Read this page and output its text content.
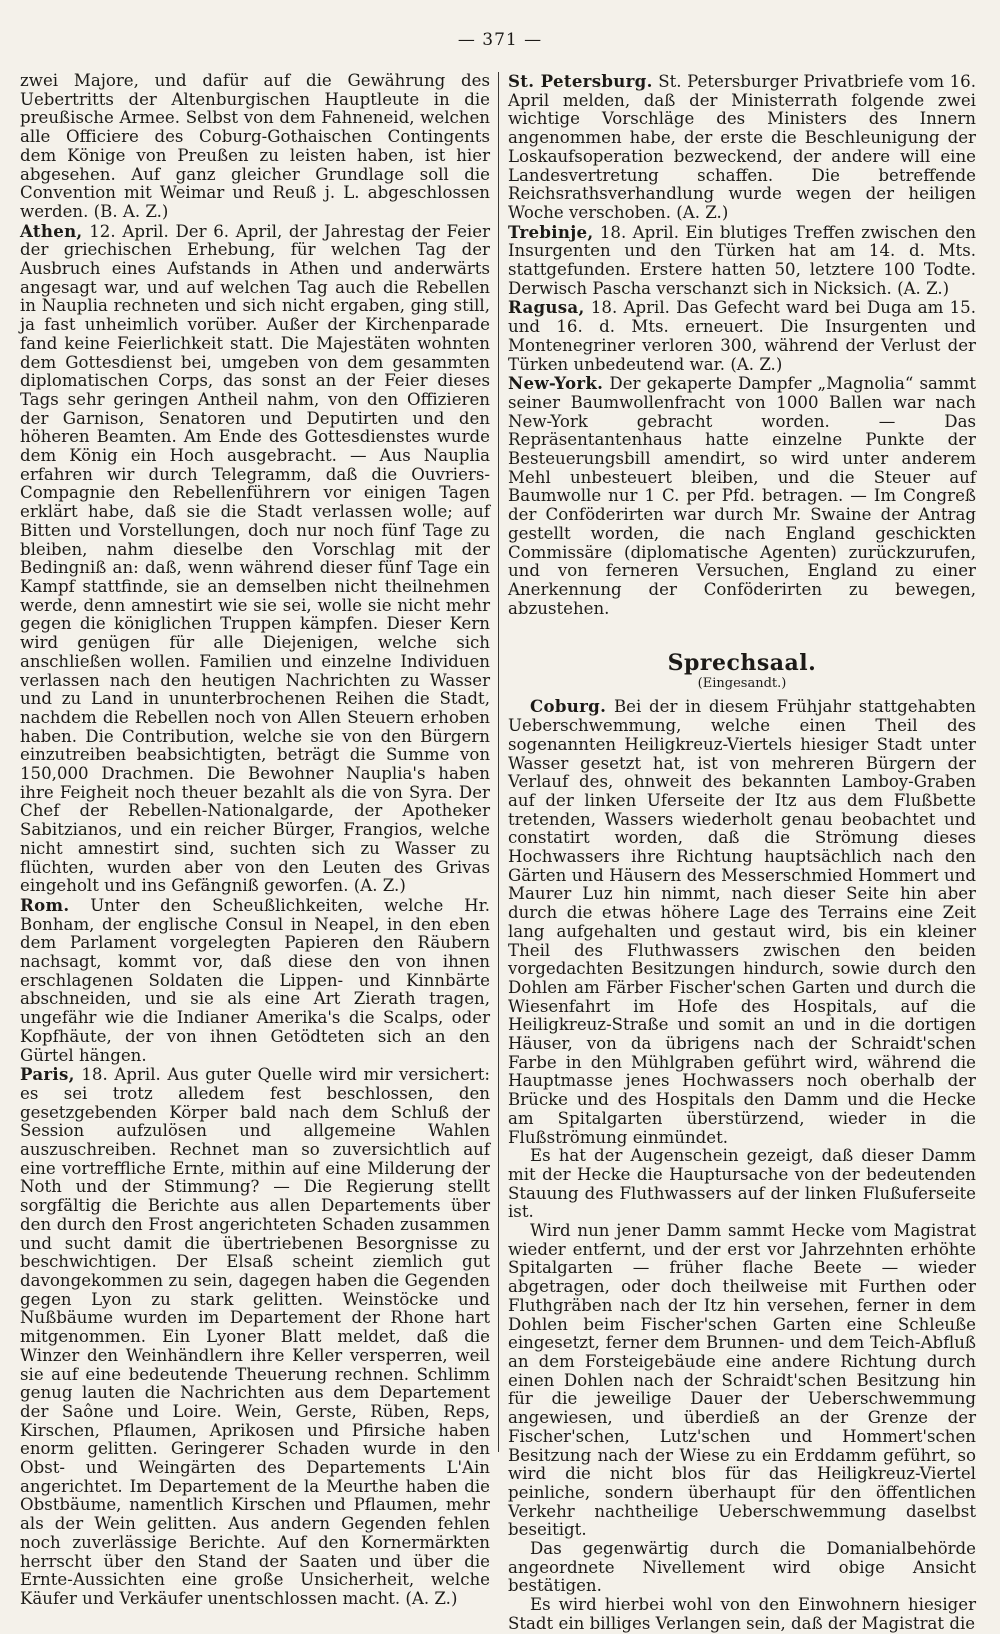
— 371 —

zwei Majore, und dafür auf die Gewährung des Uebertritts der Altenburgischen Hauptleute in die preußische Armee. Selbst von dem Fahneneid, welchen alle Officiere des Coburg-Gothaischen Contingents dem Könige von Preußen zu leisten haben, ist hier abgesehen. Auf ganz gleicher Grundlage soll die Convention mit Weimar und Reuß j. L. abgeschlossen werden. (B. A. Z.)

Athen, 12. April. Der 6. April, der Jahrestag der Feier der griechischen Erhebung, für welchen Tag der Ausbruch eines Aufstands in Athen und anderwärts angesagt war, und auf welchen Tag auch die Rebellen in Nauplia rechneten und sich nicht ergaben, ging still, ja fast unheimlich vorüber. Außer der Kirchenparade fand keine Feierlichkeit statt. Die Majestäten wohnten dem Gottesdienst bei, umgeben von dem gesammten diplomatischen Corps, das sonst an der Feier dieses Tags sehr geringen Antheil nahm, von den Offizieren der Garnison, Senatoren und Deputirten und den höheren Beamten. Am Ende des Gottesdienstes wurde dem König ein Hoch ausgebracht. — Aus Nauplia erfahren wir durch Telegramm, daß die Ouvriers-Compagnie den Rebellenführern vor einigen Tagen erklärt habe, daß sie die Stadt verlassen wolle; auf Bitten und Vorstellungen, doch nur noch fünf Tage zu bleiben, nahm dieselbe den Vorschlag mit der Bedingniß an: daß, wenn während dieser fünf Tage ein Kampf stattfinde, sie an demselben nicht theilnehmen werde, denn amnestirt wie sie sei, wolle sie nicht mehr gegen die königlichen Truppen kämpfen. Dieser Kern wird genügen für alle Diejenigen, welche sich anschließen wollen. Familien und einzelne Individuen verlassen nach den heutigen Nachrichten zu Wasser und zu Land in ununterbrochenen Reihen die Stadt, nachdem die Rebellen noch von Allen Steuern erhoben haben. Die Contribution, welche sie von den Bürgern einzutreiben beabsichtigten, beträgt die Summe von 150,000 Drachmen. Die Bewohner Nauplia's haben ihre Feigheit noch theuer bezahlt als die von Syra. Der Chef der Rebellen-Nationalgarde, der Apotheker Sabitzianos, und ein reicher Bürger, Frangios, welche nicht amnestirt sind, suchten sich zu Wasser zu flüchten, wurden aber von den Leuten des Grivas eingeholt und ins Gefängniß geworfen. (A. Z.)

Rom. Unter den Scheußlichkeiten, welche Hr. Bonham, der englische Consul in Neapel, in den eben dem Parlament vorgelegten Papieren den Räubern nachsagt, kommt vor, daß diese den von ihnen erschlagenen Soldaten die Lippen- und Kinnbärte abschneiden, und sie als eine Art Zierath tragen, ungefähr wie die Indianer Amerika's die Scalps, oder Kopfhäute, der von ihnen Getödteten sich an den Gürtel hängen.

Paris, 18. April. Aus guter Quelle wird mir versichert: es sei trotz alledem fest beschlossen, den gesetzgebenden Körper bald nach dem Schluß der Session aufzulösen und allgemeine Wahlen auszuschreiben. Rechnet man so zuversichtlich auf eine vortreffliche Ernte, mithin auf eine Milderung der Noth und der Stimmung? — Die Regierung stellt sorgfältig die Berichte aus allen Departements über den durch den Frost angerichteten Schaden zusammen und sucht damit die übertriebenen Besorgnisse zu beschwichtigen. Der Elsaß scheint ziemlich gut davongekommen zu sein, dagegen haben die Gegenden gegen Lyon zu stark gelitten. Weinstöcke und Nußbäume wurden im Departement der Rhone hart mitgenommen. Ein Lyoner Blatt meldet, daß die Winzer den Weinhändlern ihre Keller versperren, weil sie auf eine bedeutende Theuerung rechnen. Schlimm genug lauten die Nachrichten aus dem Departement der Saône und Loire. Wein, Gerste, Rüben, Reps, Kirschen, Pflaumen, Aprikosen und Pfirsiche haben enorm gelitten. Geringerer Schaden wurde in den Obst- und Weingärten des Departements L'Ain angerichtet. Im Departement de la Meurthe haben die Obstbäume, namentlich Kirschen und Pflaumen, mehr als der Wein gelitten. Aus andern Gegenden fehlen noch zuverlässige Berichte. Auf den Kornermärkten herrscht über den Stand der Saaten und über die Ernte-Aussichten eine große Unsicherheit, welche Käufer und Verkäufer unentschlossen macht. (A. Z.)

St. Petersburg. St. Petersburger Privatbriefe vom 16. April melden, daß der Ministerrath folgende zwei wichtige Vorschläge des Ministers des Innern angenommen habe, der erste die Beschleunigung der Loskaufsoperation bezweckend, der andere will eine Landesvertretung schaffen. Die betreffende Reichsrathsverhandlung wurde wegen der heiligen Woche verschoben. (A. Z.)

Trebinje, 18. April. Ein blutiges Treffen zwischen den Insurgenten und den Türken hat am 14. d. Mts. stattgefunden. Erstere hatten 50, letztere 100 Todte. Derwisch Pascha verschanzt sich in Nicksich. (A. Z.)

Ragusa, 18. April. Das Gefecht ward bei Duga am 15. und 16. d. Mts. erneuert. Die Insurgenten und Montenegriner verloren 300, während der Verlust der Türken unbedeutend war. (A. Z.)

New-York. Der gekaperte Dampfer „Magnolia“ sammt seiner Baumwollenfracht von 1000 Ballen war nach New-York gebracht worden. — Das Repräsentantenhaus hatte einzelne Punkte der Besteuerungsbill amendirt, so wird unter anderem Mehl unbesteuert bleiben, und die Steuer auf Baumwolle nur 1 C. per Pfd. betragen. — Im Congreß der Conföderirten war durch Mr. Swaine der Antrag gestellt worden, die nach England geschickten Commissäre (diplomatische Agenten) zurückzurufen, und von ferneren Versuchen, England zu einer Anerkennung der Conföderirten zu bewegen, abzustehen.

Sprechsaal.
(Eingesandt.)

Coburg. Bei der in diesem Frühjahr stattgehabten Ueberschwemmung, welche einen Theil des sogenannten Heiligkreuz-Viertels hiesiger Stadt unter Wasser gesetzt hat, ist von mehreren Bürgern der Verlauf des, ohnweit des bekannten Lamboy-Graben auf der linken Uferseite der Itz aus dem Flußbette tretenden, Wassers wiederholt genau beobachtet und constatirt worden, daß die Strömung dieses Hochwassers ihre Richtung hauptsächlich nach den Gärten und Häusern des Messerschmied Hommert und Maurer Luz hin nimmt, nach dieser Seite hin aber durch die etwas höhere Lage des Terrains eine Zeit lang aufgehalten und gestaut wird, bis ein kleiner Theil des Fluthwassers zwischen den beiden vorgedachten Besitzungen hindurch, sowie durch den Dohlen am Färber Fischer'schen Garten und durch die Wiesenfahrt im Hofe des Hospitals, auf die Heiligkreuz-Straße und somit an und in die dortigen Häuser, von da übrigens nach der Schraidt'schen Farbe in den Mühlgraben geführt wird, während die Hauptmasse jenes Hochwassers noch oberhalb der Brücke und des Hospitals den Damm und die Hecke am Spitalgarten überstürzend, wieder in die Flußströmung einmündet.

Es hat der Augenschein gezeigt, daß dieser Damm mit der Hecke die Hauptursache von der bedeutenden Stauung des Fluthwassers auf der linken Flußuferseite ist.

Wird nun jener Damm sammt Hecke vom Magistrat wieder entfernt, und der erst vor Jahrzehnten erhöhte Spitalgarten — früher flache Beete — wieder abgetragen, oder doch theilweise mit Furthen oder Fluthgräben nach der Itz hin versehen, ferner in dem Dohlen beim Fischer'schen Garten eine Schleuße eingesetzt, ferner dem Brunnen- und dem Teich-Abfluß an dem Forsteigebäude eine andere Richtung durch einen Dohlen nach der Schraidt'schen Besitzung hin für die jeweilige Dauer der Ueberschwemmung angewiesen, und überdieß an der Grenze der Fischer'schen, Lutz'schen und Hommert'schen Besitzung nach der Wiese zu ein Erddamm geführt, so wird die nicht blos für das Heiligkreuz-Viertel peinliche, sondern überhaupt für den öffentlichen Verkehr nachtheilige Ueberschwemmung daselbst beseitigt.

Das gegenwärtig durch die Domanialbehörde angeordnete Nivellement wird obige Ansicht bestätigen.

Es wird hierbei wohl von den Einwohnern hiesiger Stadt ein billiges Verlangen sein, daß der Magistrat die
